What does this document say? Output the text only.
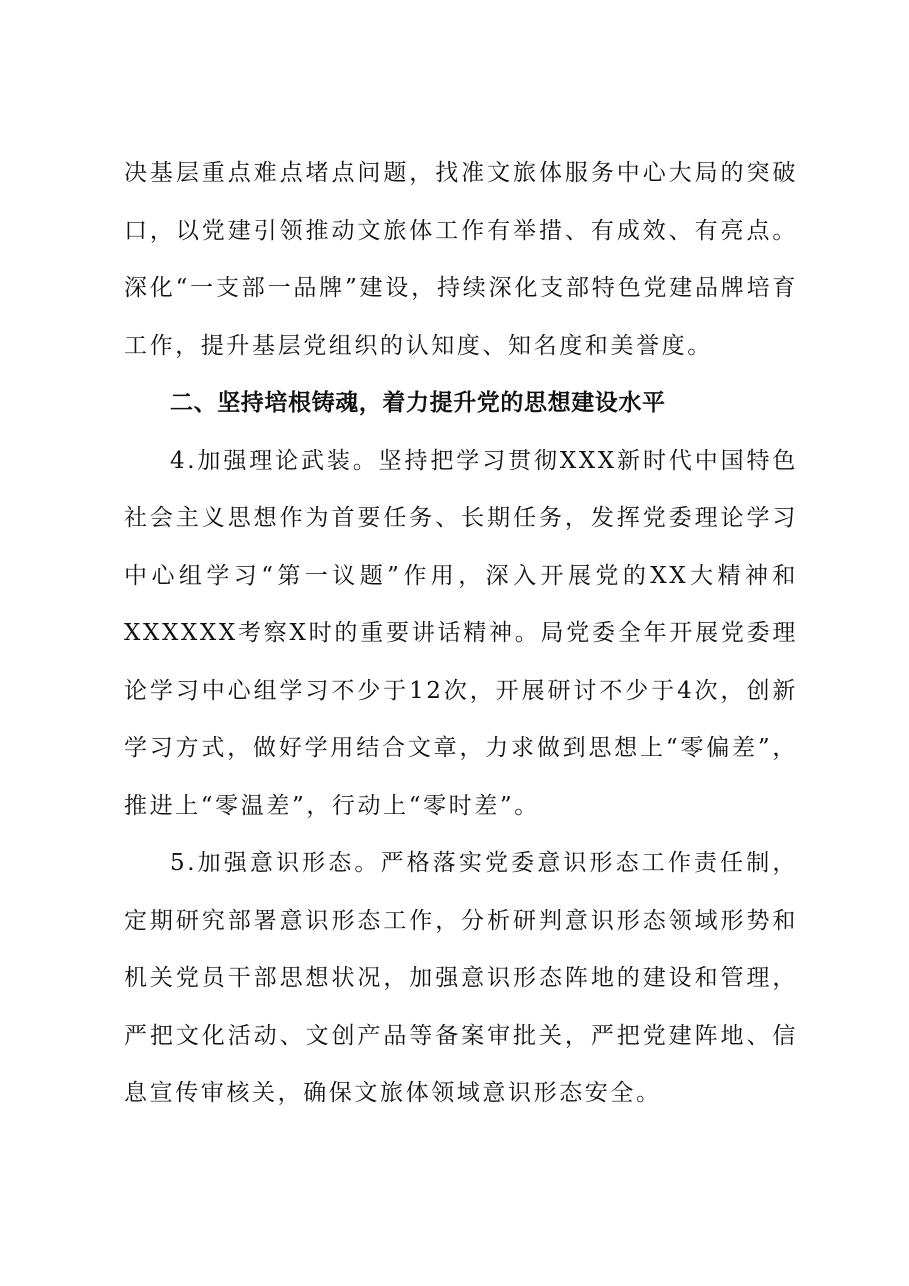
决基层重点难点堵点问题，找准文旅体服务中心大局的突破口，以党建引领推动文旅体工作有举措、有成效、有亮点。深化“一支部一品牌”建设，持续深化支部特色党建品牌培育工作，提升基层党组织的认知度、知名度和美誉度。

二、坚持培根铸魂，着力提升党的思想建设水平

4.加强理论武装。坚持把学习贯彻XXX新时代中国特色社会主义思想作为首要任务、长期任务，发挥党委理论学习中心组学习“第一议题”作用，深入开展党的XX大精神和XXXXXX考察X时的重要讲话精神。局党委全年开展党委理论学习中心组学习不少于12次，开展研讨不少于4次，创新学习方式，做好学用结合文章，力求做到思想上“零偏差”，推进上“零温差”，行动上“零时差”。

5.加强意识形态。严格落实党委意识形态工作责任制，定期研究部署意识形态工作，分析研判意识形态领域形势和机关党员干部思想状况，加强意识形态阵地的建设和管理，严把文化活动、文创产品等备案审批关，严把党建阵地、信息宣传审核关，确保文旅体领域意识形态安全。
